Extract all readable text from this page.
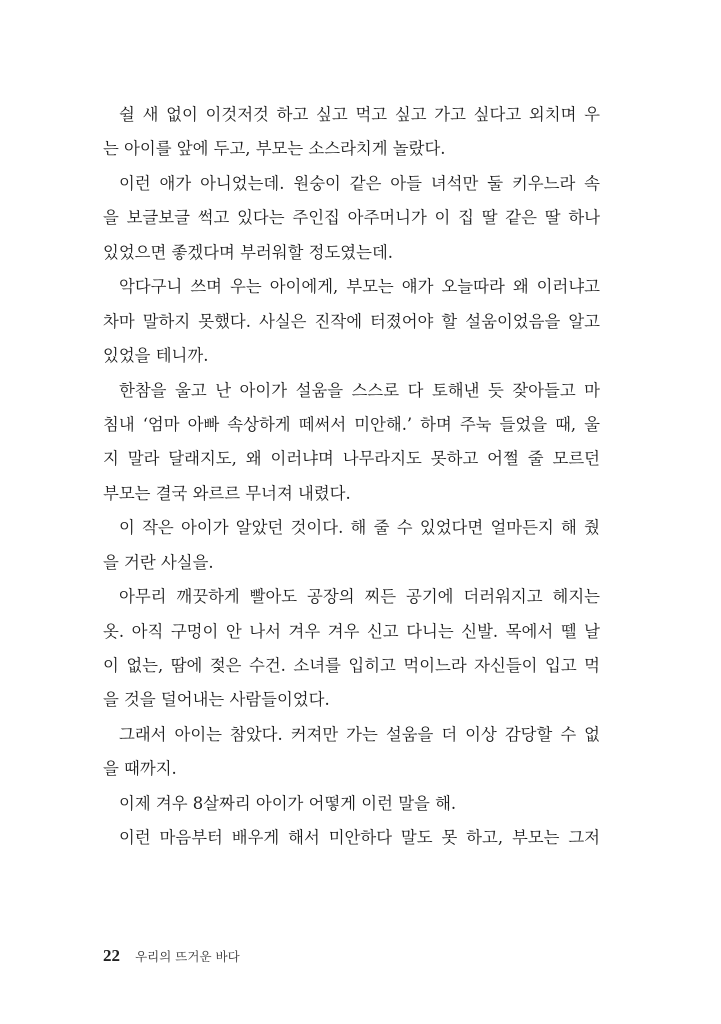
쉴 새 없이 이것저것 하고 싶고 먹고 싶고 가고 싶다고 외치며 우
는 아이를 앞에 두고, 부모는 소스라치게 놀랐다.
이런 애가 아니었는데. 원숭이 같은 아들 녀석만 둘 키우느라 속
을 보글보글 썩고 있다는 주인집 아주머니가 이 집 딸 같은 딸 하나
있었으면 좋겠다며 부러워할 정도였는데.
악다구니 쓰며 우는 아이에게, 부모는 얘가 오늘따라 왜 이러냐고
차마 말하지 못했다. 사실은 진작에 터졌어야 할 설움이었음을 알고
있었을 테니까.
한참을 울고 난 아이가 설움을 스스로 다 토해낸 듯 잦아들고 마
침내 ‘엄마 아빠 속상하게 떼써서 미안해.’ 하며 주눅 들었을 때, 울
지 말라 달래지도, 왜 이러냐며 나무라지도 못하고 어쩔 줄 모르던
부모는 결국 와르르 무너져 내렸다.
이 작은 아이가 알았던 것이다. 해 줄 수 있었다면 얼마든지 해 줬
을 거란 사실을.
아무리 깨끗하게 빨아도 공장의 찌든 공기에 더러워지고 헤지는
옷. 아직 구멍이 안 나서 겨우 겨우 신고 다니는 신발. 목에서 뗄 날
이 없는, 땀에 젖은 수건. 소녀를 입히고 먹이느라 자신들이 입고 먹
을 것을 덜어내는 사람들이었다.
그래서 아이는 참았다. 커져만 가는 설움을 더 이상 감당할 수 없
을 때까지.
이제 겨우 8살짜리 아이가 어떻게 이런 말을 해.
이런 마음부터 배우게 해서 미안하다 말도 못 하고, 부모는 그저
22 우리의 뜨거운 바다
